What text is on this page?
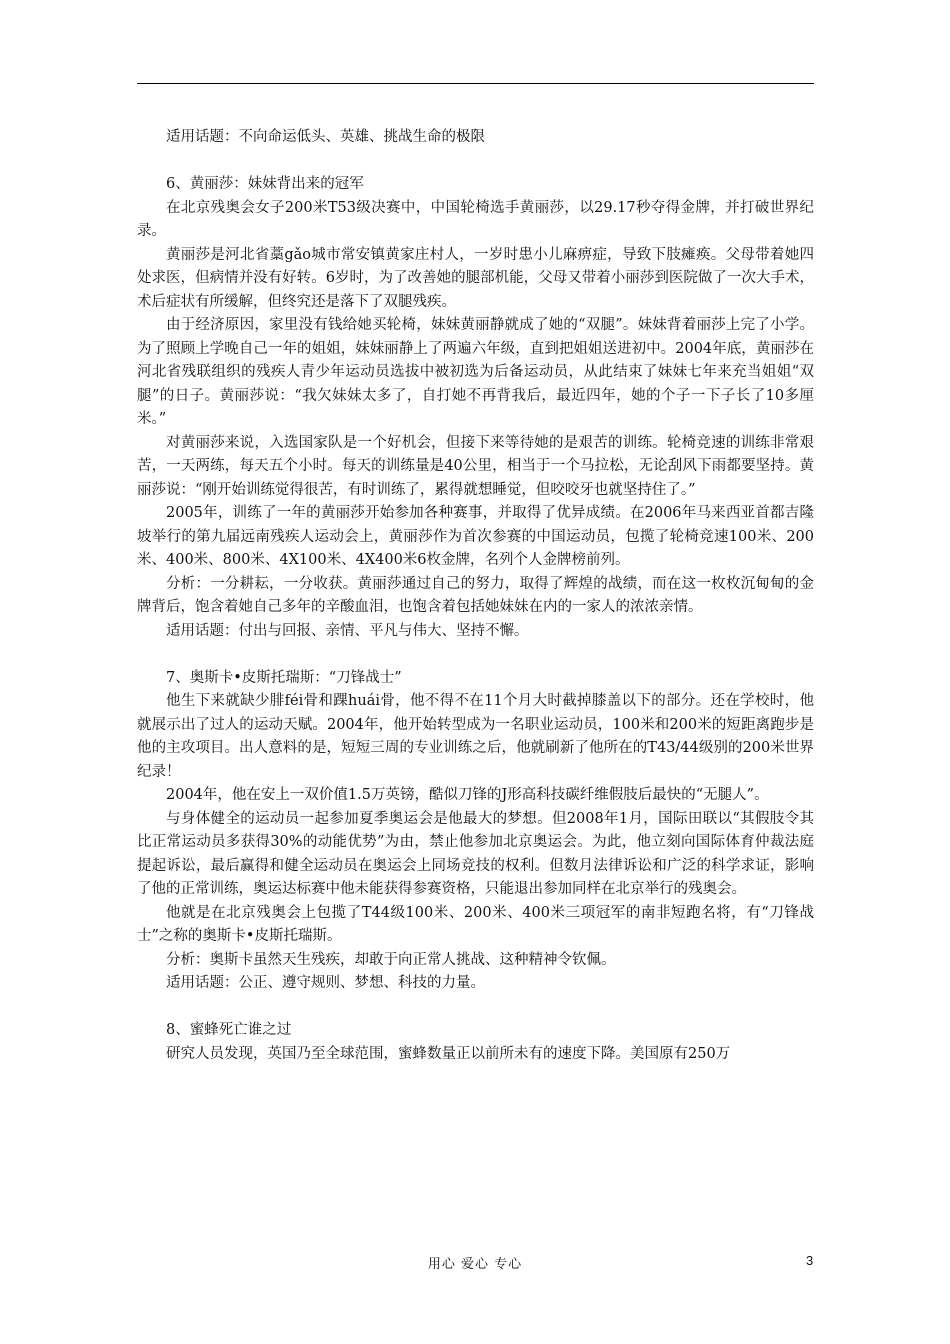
适用话题：不向命运低头、英雄、挑战生命的极限

6、黄丽莎：妹妹背出来的冠军

在北京残奥会女子200米T53级决赛中，中国轮椅选手黄丽莎，以29.17秒夺得金牌，并打破世界纪录。

黄丽莎是河北省藁gǎo城市常安镇黄家庄村人，一岁时患小儿麻痹症，导致下肢瘫痪。父母带着她四处求医，但病情并没有好转。6岁时，为了改善她的腿部机能，父母又带着小丽莎到医院做了一次大手术，术后症状有所缓解，但终究还是落下了双腿残疾。

由于经济原因，家里没有钱给她买轮椅，妹妹黄丽静就成了她的“双腿”。妹妹背着丽莎上完了小学。为了照顾上学晚自己一年的姐姐，妹妹丽静上了两遍六年级，直到把姐姐送进初中。2004年底，黄丽莎在河北省残联组织的残疾人青少年运动员选拔中被初选为后备运动员，从此结束了妹妹七年来充当姐姐“双腿”的日子。黄丽莎说：“我欠妹妹太多了，自打她不再背我后，最近四年，她的个子一下子长了10多厘米。”

对黄丽莎来说，入选国家队是一个好机会，但接下来等待她的是艰苦的训练。轮椅竞速的训练非常艰苦，一天两练，每天五个小时。每天的训练量是40公里，相当于一个马拉松，无论刮风下雨都要坚持。黄丽莎说：“刚开始训练觉得很苦，有时训练了，累得就想睡觉，但咬咬牙也就坚持住了。”

2005年，训练了一年的黄丽莎开始参加各种赛事，并取得了优异成绩。在2006年马来西亚首都吉隆坡举行的第九届远南残疾人运动会上，黄丽莎作为首次参赛的中国运动员，包揽了轮椅竞速100米、200米、400米、800米、4X100米、4X400米6枚金牌，名列个人金牌榜前列。

分析：一分耕耘，一分收获。黄丽莎通过自己的努力，取得了辉煌的战绩，而在这一枚枚沉甸甸的金牌背后，饱含着她自己多年的辛酸血泪，也饱含着包括她妹妹在内的一家人的浓浓亲情。

适用话题：付出与回报、亲情、平凡与伟大、坚持不懈。

7、奥斯卡•皮斯托瑞斯：“刀锋战士”

他生下来就缺少腓féi骨和踝huái骨，他不得不在11个月大时截掉膝盖以下的部分。还在学校时，他就展示出了过人的运动天赋。2004年，他开始转型成为一名职业运动员，100米和200米的短距离跑步是他的主攻项目。出人意料的是，短短三周的专业训练之后，他就刷新了他所在的T43/44级别的200米世界纪录！

2004年，他在安上一双价值1.5万英镑，酷似刀锋的J形高科技碳纤维假肢后最快的“无腿人”。

与身体健全的运动员一起参加夏季奥运会是他最大的梦想。但2008年1月，国际田联以“其假肢令其比正常运动员多获得30%的动能优势”为由，禁止他参加北京奥运会。为此，他立刻向国际体育仲裁法庭提起诉讼，最后赢得和健全运动员在奥运会上同场竞技的权利。但数月法律诉讼和广泛的科学求证，影响了他的正常训练，奥运达标赛中他未能获得参赛资格，只能退出参加同样在北京举行的残奥会。

他就是在北京残奥会上包揽了T44级100米、200米、400米三项冠军的南非短跑名将，有“刀锋战士”之称的奥斯卡•皮斯托瑞斯。

分析：奥斯卡虽然天生残疾，却敢于向正常人挑战、这种精神令钦佩。

适用话题：公正、遵守规则、梦想、科技的力量。

8、蜜蜂死亡谁之过

研究人员发现，英国乃至全球范围，蜜蜂数量正以前所未有的速度下降。美国原有250万

用心 爱心 专心	3
